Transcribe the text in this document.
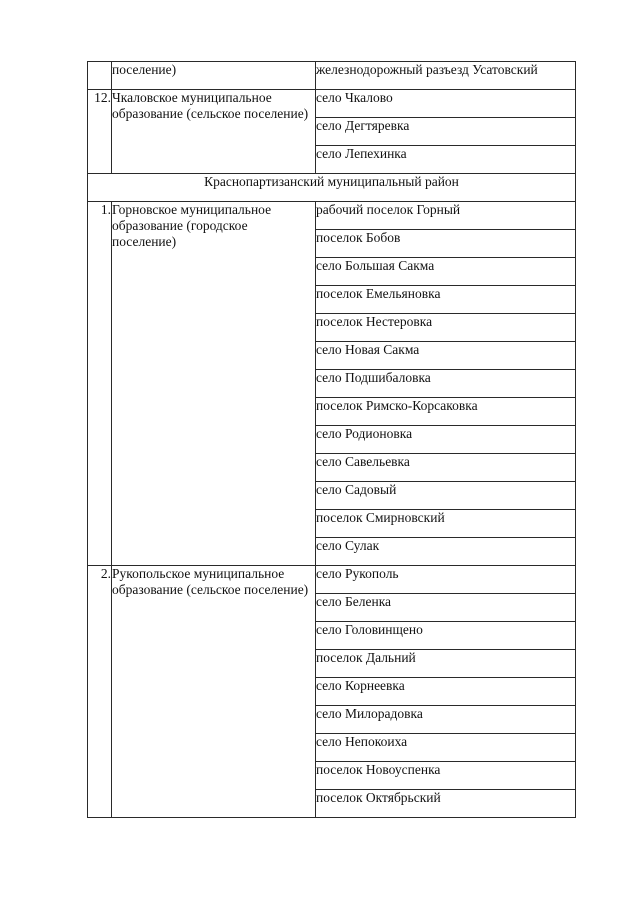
	поселение)	железнодорожный разъезд Усатовский
12.	Чкаловское муниципальное образование (сельское поселение)	село Чкалово
		село Дегтяревка
		село Лепехинка
Краснопартизанский муниципальный район		
1.	Горновское муниципальное образование (городское поселение)	рабочий поселок Горный
		поселок Бобов
		село Большая Сакма
		поселок Емельяновка
		поселок Нестеровка
		село Новая Сакма
		село Подшибаловка
		поселок Римско-Корсаковка
		село Родионовка
		село Савельевка
		село Садовый
		поселок Смирновский
		село Сулак
2.	Рукопольское муниципальное образование (сельское поселение)	село Рукополь
		село Беленка
		село Головинщено
		поселок Дальний
		село Корнеевка
		село Милорадовка
		село Непокоиха
		поселок Новоуспенка
		поселок Октябрьский
